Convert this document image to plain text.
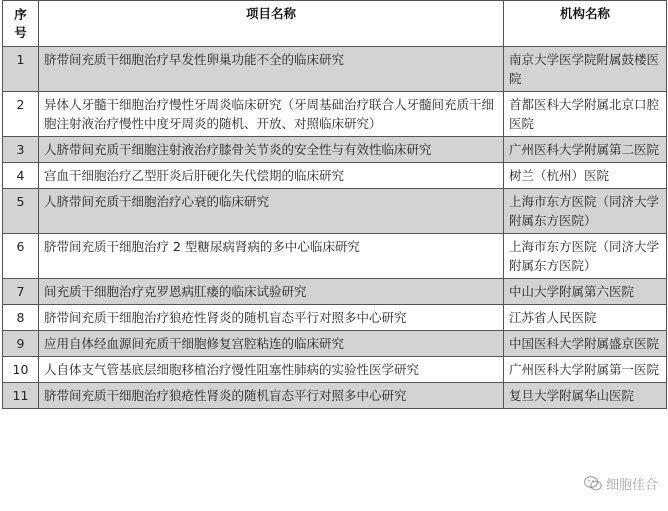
序
号	项目名称	机构名称
1	脐带间充质干细胞治疗早发性卵巢功能不全的临床研究	南京大学医学院附属鼓楼医院
2	异体人牙髓干细胞治疗慢性牙周炎临床研究（牙周基础治疗联合人牙髓间充质干细胞注射液治疗慢性中度牙周炎的随机、开放、对照临床研究）	首都医科大学附属北京口腔医院
3	人脐带间充质干细胞注射液治疗膝骨关节炎的安全性与有效性临床研究	广州医科大学附属第二医院
4	宫血干细胞治疗乙型肝炎后肝硬化失代偿期的临床研究	树兰（杭州）医院
5	人脐带间充质干细胞治疗心衰的临床研究	上海市东方医院（同济大学附属东方医院）
6	脐带间充质干细胞治疗 2 型糖尿病肾病的多中心临床研究	上海市东方医院（同济大学附属东方医院）
7	间充质干细胞治疗克罗恩病肛瘘的临床试验研究	中山大学附属第六医院
8	脐带间充质干细胞治疗狼疮性肾炎的随机盲态平行对照多中心研究	江苏省人民医院
9	应用自体经血源间充质干细胞修复宫腔粘连的临床研究	中国医科大学附属盛京医院
10	人自体支气管基底层细胞移植治疗慢性阻塞性肺病的实验性医学研究	广州医科大学附属第一医院
11	脐带间充质干细胞治疗狼疮性肾炎的随机盲态平行对照多中心研究	复旦大学附属华山医院
细胞佳合
